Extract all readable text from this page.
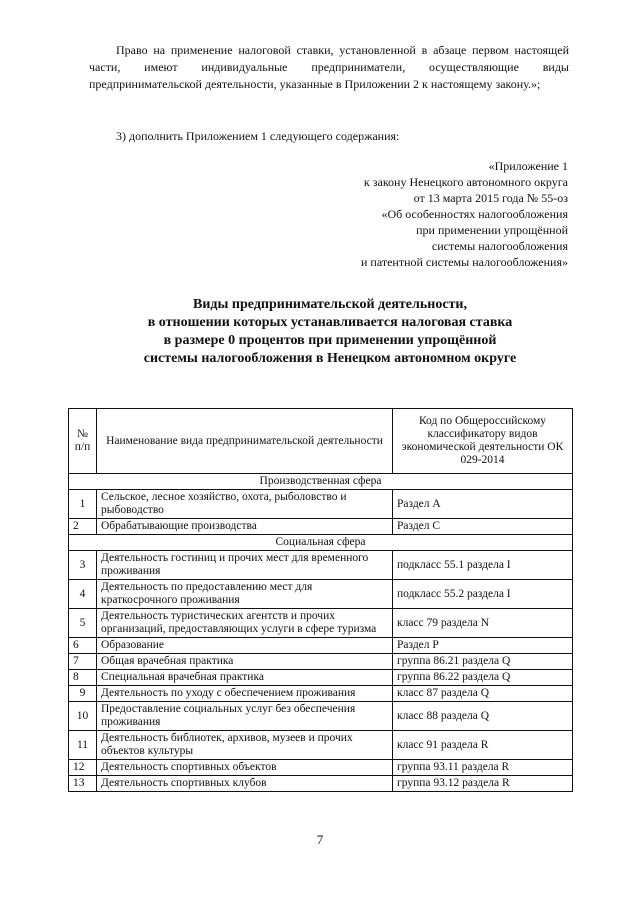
Право на применение налоговой ставки, установленной в абзаце первом настоящей части, имеют индивидуальные предприниматели, осуществляющие виды предпринимательской деятельности, указанные в Приложении 2 к настоящему закону.»;
3) дополнить Приложением 1 следующего содержания:
«Приложение 1
к закону Ненецкого автономного округа
от 13 марта 2015 года № 55-оз
«Об особенностях налогообложения
при применении упрощённой
системы налогообложения
и патентной системы налогообложения»
Виды предпринимательской деятельности,
в отношении которых устанавливается налоговая ставка
в размере 0 процентов при применении упрощённой
системы налогообложения в Ненецком автономном округе
№ п/п	Наименование вида предпринимательской деятельности	Код по Общероссийскому классификатору видов экономической деятельности ОК 029-2014
Производственная сфера		
1	Сельское, лесное хозяйство, охота, рыболовство и рыбоводство	Раздел А
2	Обрабатывающие производства	Раздел С
Социальная сфера		
3	Деятельность гостиниц и прочих мест для временного проживания	подкласс 55.1 раздела I
4	Деятельность по предоставлению мест для краткосрочного проживания	подкласс 55.2 раздела I
5	Деятельность туристических агентств и прочих организаций, предоставляющих услуги в сфере туризма	класс 79 раздела N
6	Образование	Раздел Р
7	Общая врачебная практика	группа 86.21 раздела Q
8	Специальная врачебная практика	группа 86.22 раздела Q
9	Деятельность по уходу с обеспечением проживания	класс 87 раздела Q
10	Предоставление социальных услуг без обеспечения проживания	класс 88 раздела Q
11	Деятельность библиотек, архивов, музеев и прочих объектов культуры	класс 91 раздела R
12	Деятельность спортивных объектов	группа 93.11 раздела R
13	Деятельность спортивных клубов	группа 93.12 раздела R
7
